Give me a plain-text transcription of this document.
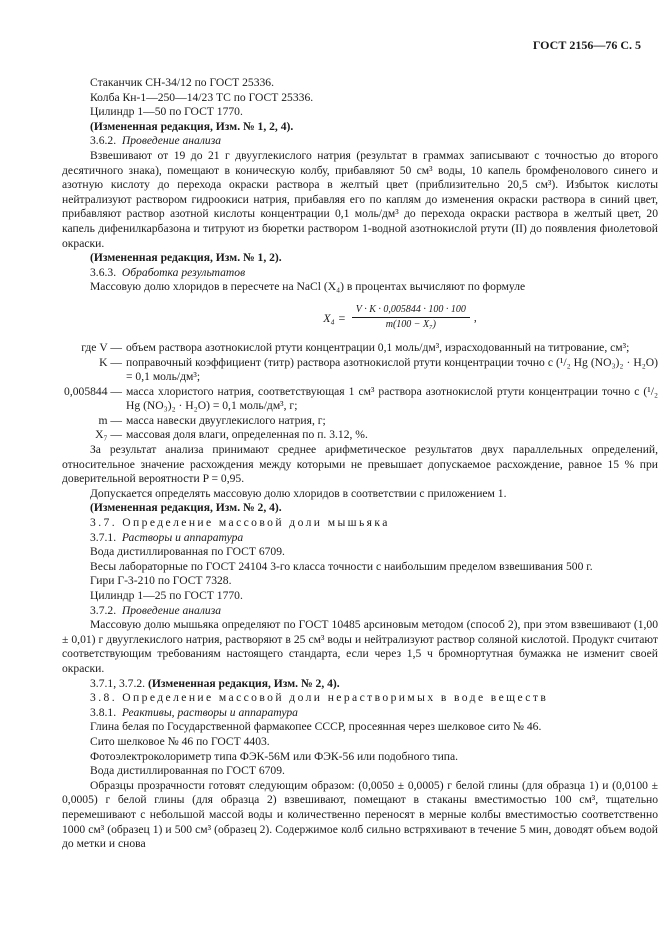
ГОСТ 2156—76 С. 5

Стаканчик СН-34/12 по ГОСТ 25336.

Колба Кн-1—250—14/23 ТС по ГОСТ 25336.

Цилиндр 1—50 по ГОСТ 1770.

(Измененная редакция, Изм. № 1, 2, 4).

3.6.2. Проведение анализа

Взвешивают от 19 до 21 г двууглекислого натрия (результат в граммах записывают с точностью до второго десятичного знака), помещают в коническую колбу, прибавляют 50 см³ воды, 10 капель бромфенолового синего и азотную кислоту до перехода окраски раствора в желтый цвет (приблизительно 20,5 см³). Избыток кислоты нейтрализуют раствором гидроокиси натрия, прибавляя его по каплям до изменения окраски раствора в синий цвет, прибавляют раствор азотной кислоты концентрации 0,1 моль/дм³ до перехода окраски раствора в желтый цвет, 20 капель дифенилкарбазона и титруют из бюретки раствором 1-водной азотнокислой ртути (II) до появления фиолетовой окраски.

(Измененная редакция, Изм. № 1, 2).

3.6.3. Обработка результатов

Массовую долю хлоридов в пересчете на NaCl (X₄) в процентах вычисляют по формуле

$X_4 = \frac{V \cdot K \cdot 0,005844 \cdot 100 \cdot 100}{\text{m(100 − X₇)}}$ ,
где V — объем раствора азотнокислой ртути концентрации 0,1 моль/дм³, израсходованный на титрование, см³;
K — поправочный коэффициент (титр) раствора азотнокислой ртути концентрации точно c (¹/₂ Hg (NO₃)₂ · H₂O) = 0,1 моль/дм³;
0,005844 — масса хлористого натрия, соответствующая 1 см³ раствора азотнокислой ртути концентрации точно c (¹/₂ Hg (NO₃)₂ · H₂O) = 0,1 моль/дм³, г;
m — масса навески двууглекислого натрия, г;
X₇ — массовая доля влаги, определенная по п. 3.12, %.

За результат анализа принимают среднее арифметическое результатов двух параллельных определений, относительное значение расхождения между которыми не превышает допускаемое расхождение, равное 15 % при доверительной вероятности P = 0,95.

Допускается определять массовую долю хлоридов в соответствии с приложением 1.

(Измененная редакция, Изм. № 2, 4).

3.7. Определение массовой доли мышьяка

3.7.1. Растворы и аппаратура

Вода дистиллированная по ГОСТ 6709.

Весы лабораторные по ГОСТ 24104 3-го класса точности с наибольшим пределом взвешивания 500 г.

Гири Г-3-210 по ГОСТ 7328.

Цилиндр 1—25 по ГОСТ 1770.

3.7.2. Проведение анализа

Массовую долю мышьяка определяют по ГОСТ 10485 арсиновым методом (способ 2), при этом взвешивают (1,00 ± 0,01) г двууглекислого натрия, растворяют в 25 см³ воды и нейтрализуют раствор соляной кислотой. Продукт считают соответствующим требованиям настоящего стандарта, если через 1,5 ч бромнортутная бумажка не изменит своей окраски.

3.7.1, 3.7.2. (Измененная редакция, Изм. № 2, 4).

3.8. Определение массовой доли нерастворимых в воде веществ

3.8.1. Реактивы, растворы и аппаратура

Глина белая по Государственной фармакопее СССР, просеянная через шелковое сито № 46.

Сито шелковое № 46 по ГОСТ 4403.

Фотоэлектроколориметр типа ФЭК-56М или ФЭК-56 или подобного типа.

Вода дистиллированная по ГОСТ 6709.

Образцы прозрачности готовят следующим образом: (0,0050 ± 0,0005) г белой глины (для образца 1) и (0,0100 ± 0,0005) г белой глины (для образца 2) взвешивают, помещают в стаканы вместимостью 100 см³, тщательно перемешивают с небольшой массой воды и количественно переносят в мерные колбы вместимостью соответственно 1000 см³ (образец 1) и 500 см³ (образец 2). Содержимое колб сильно встряхивают в течение 5 мин, доводят объем водой до метки и снова
